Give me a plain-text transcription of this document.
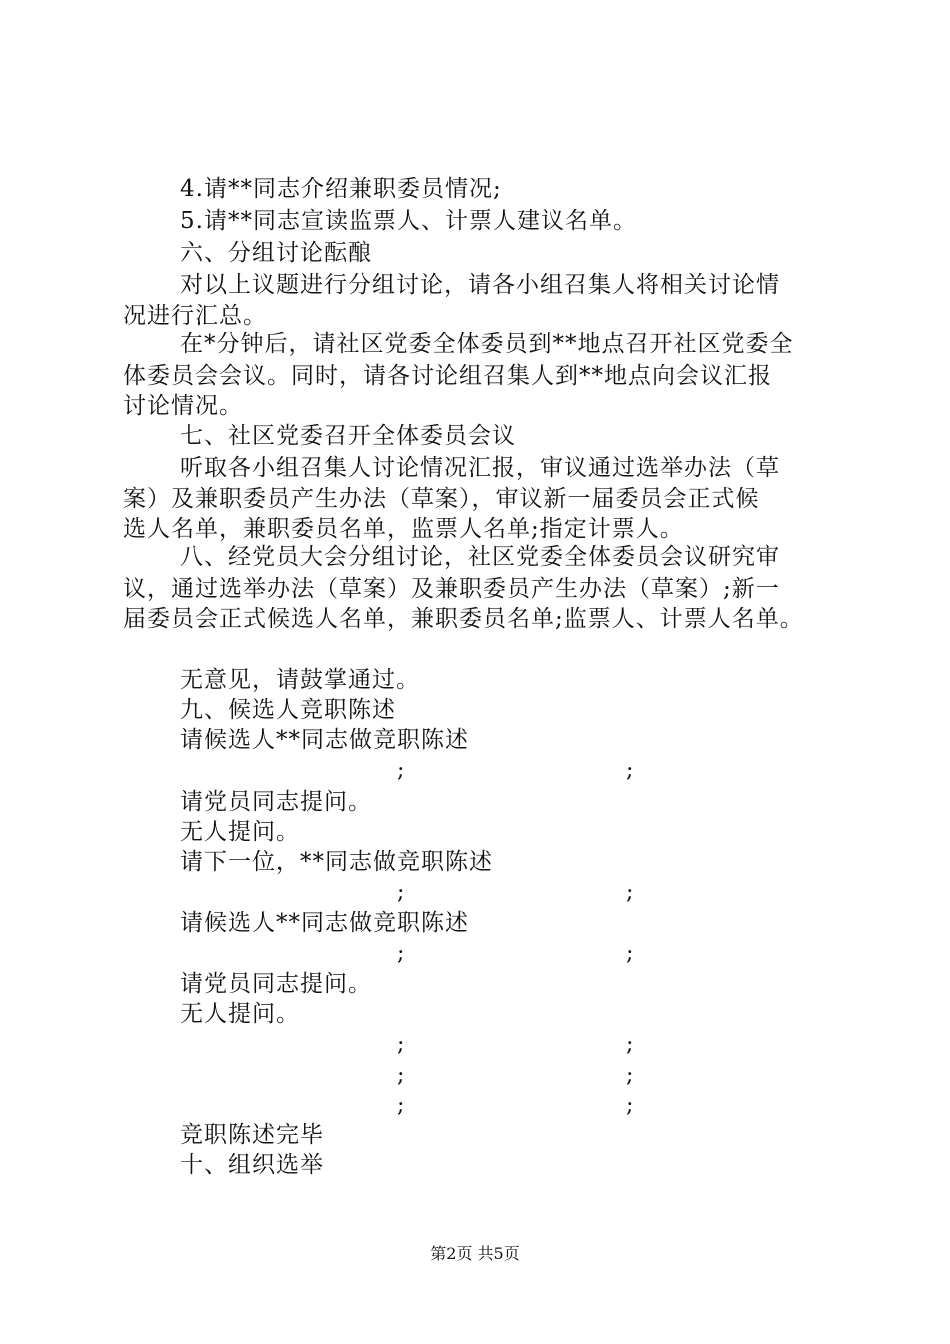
4.请**同志介绍兼职委员情况;
5.请**同志宣读监票人、计票人建议名单。
六、分组讨论酝酿
对以上议题进行分组讨论，请各小组召集人将相关讨论情
况进行汇总。
在*分钟后，请社区党委全体委员到**地点召开社区党委全
体委员会会议。同时，请各讨论组召集人到**地点向会议汇报
讨论情况。
七、社区党委召开全体委员会议
听取各小组召集人讨论情况汇报，审议通过选举办法（草
案）及兼职委员产生办法（草案），审议新一届委员会正式候
选人名单，兼职委员名单，监票人名单;指定计票人。
八、经党员大会分组讨论，社区党委全体委员会议研究审
议，通过选举办法（草案）及兼职委员产生办法（草案）;新一
届委员会正式候选人名单，兼职委员名单;监票人、计票人名单。
无意见，请鼓掌通过。
九、候选人竞职陈述
请候选人**同志做竞职陈述
;	;
请党员同志提问。
无人提问。
请下一位，**同志做竞职陈述
;	;
请候选人**同志做竞职陈述
;	;
请党员同志提问。
无人提问。
;	;
;	;
;	;
竞职陈述完毕
十、组织选举
第2页 共5页
